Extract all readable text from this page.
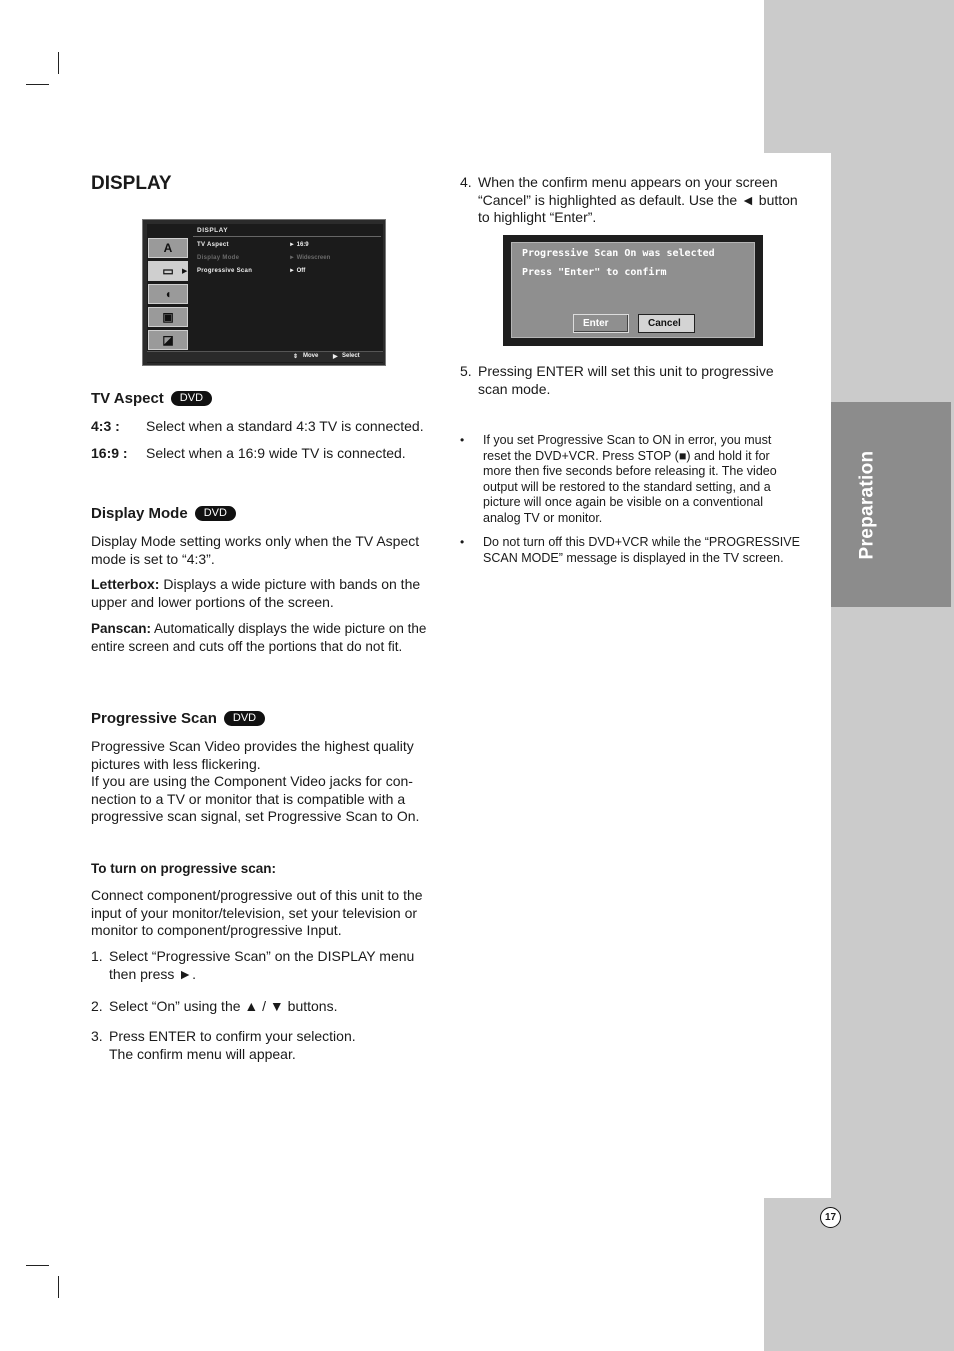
Preparation
17
DISPLAY
DISPLAY
A
▭	▶
◖
▣
◪
TV Aspect	► 16:9
Display Mode	► Widescreen
Progressive Scan	► Off
⇕ Move ▶ Select
TV Aspect	DVD
4:3 : Select when a standard 4:3 TV is connected.
16:9 : Select when a 16:9 wide TV is connected.
Display Mode	DVD
Display Mode setting works only when the TV Aspect mode is set to “4:3”.
Letterbox: Displays a wide picture with bands on the upper and lower portions of the screen.
Panscan: Automatically displays the wide picture on the entire screen and cuts off the portions that do not fit.
Progressive Scan	DVD
Progressive Scan Video provides the highest quality pictures with less flickering.
If you are using the Component Video jacks for con-nection to a TV or monitor that is compatible with a progressive scan signal, set Progressive Scan to On.
To turn on progressive scan:
Connect component/progressive out of this unit to the input of your monitor/television, set your television or monitor to component/progressive Input.
1. Select “Progressive Scan” on the DISPLAY menu then press ►.
2. Select “On” using the ▲ / ▼ buttons.
3. Press ENTER to confirm your selection. The confirm menu will appear.
4. When the confirm menu appears on your screen “Cancel” is highlighted as default. Use the ◄ button to highlight “Enter”.
Progressive Scan On was selected
Press "Enter" to confirm
Enter	Cancel
5. Pressing ENTER will set this unit to progressive scan mode.
• If you set Progressive Scan to ON in error, you must reset the DVD+VCR. Press STOP (■) and hold it for more then five seconds before releasing it. The video output will be restored to the standard setting, and a picture will once again be visible on a conventional analog TV or monitor.
• Do not turn off this DVD+VCR while the “PROGRESSIVE SCAN MODE” message is displayed in the TV screen.
